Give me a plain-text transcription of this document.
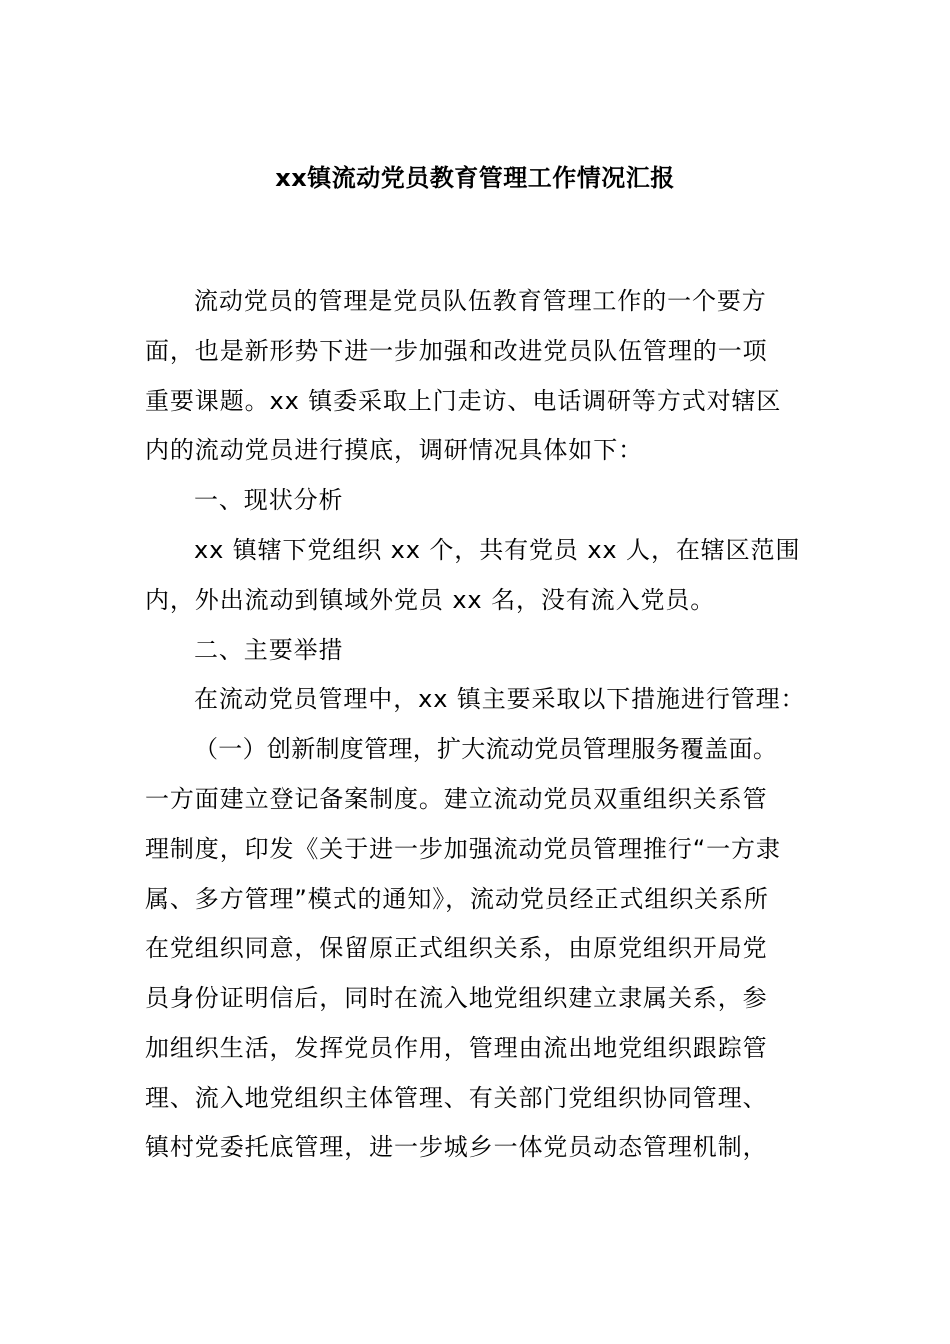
xx镇流动党员教育管理工作情况汇报
流动党员的管理是党员队伍教育管理工作的一个要方
面，也是新形势下进一步加强和改进党员队伍管理的一项
重要课题。xx 镇委采取上门走访、电话调研等方式对辖区
内的流动党员进行摸底，调研情况具体如下：
一、现状分析
xx 镇辖下党组织 xx 个，共有党员 xx 人，在辖区范围
内，外出流动到镇域外党员 xx 名，没有流入党员。
二、主要举措
在流动党员管理中，xx 镇主要采取以下措施进行管理：
（一）创新制度管理，扩大流动党员管理服务覆盖面。
一方面建立登记备案制度。建立流动党员双重组织关系管
理制度，印发《关于进一步加强流动党员管理推行“一方隶
属、多方管理”模式的通知》，流动党员经正式组织关系所
在党组织同意，保留原正式组织关系，由原党组织开局党
员身份证明信后，同时在流入地党组织建立隶属关系，参
加组织生活，发挥党员作用，管理由流出地党组织跟踪管
理、流入地党组织主体管理、有关部门党组织协同管理、
镇村党委托底管理，进一步城乡一体党员动态管理机制，
